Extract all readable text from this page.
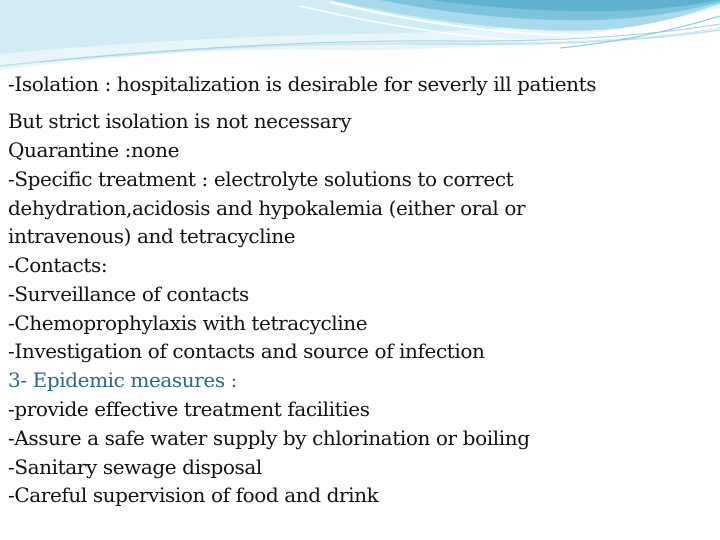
-Isolation : hospitalization is desirable for severly ill patients
But strict isolation is not necessary
Quarantine :none
-Specific treatment : electrolyte solutions to correct
dehydration,acidosis and hypokalemia (either oral or
intravenous) and tetracycline
-Contacts:
-Surveillance of contacts
-Chemoprophylaxis with tetracycline
-Investigation of contacts and source of infection
3- Epidemic measures :
-provide effective treatment facilities
-Assure a safe water supply by chlorination or boiling
-Sanitary sewage disposal
-Careful supervision of food and drink
